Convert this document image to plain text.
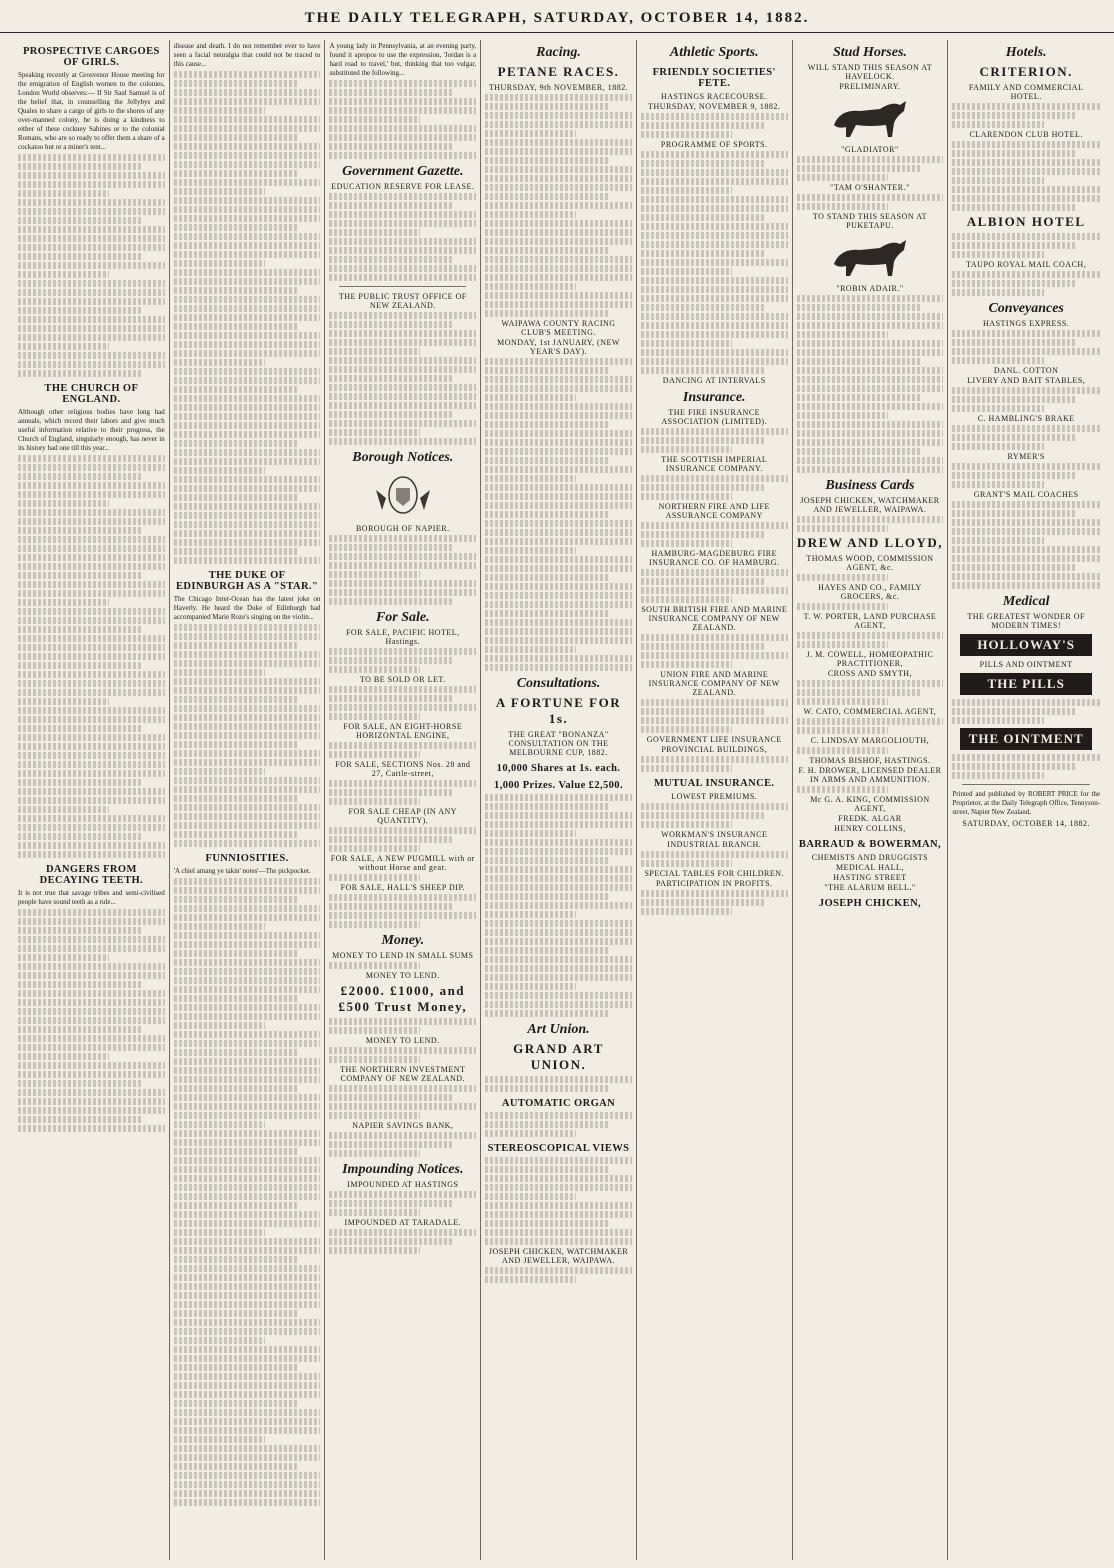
THE DAILY TELEGRAPH, SATURDAY, OCTOBER 14, 1882.
PROSPECTIVE CARGOES OF GIRLS.
Speaking recently at Grosvenor House meeting for the emigration of English women to the colonies, London World observes:— If Sir Saul Samuel is of the belief that, in counselling the Jellybys and Quales to share a cargo of girls to the shores of any over-manned colony, he is doing a kindness to either of these cockney Sabines or to the colonial Romans, who are so ready to offer them a share of a cockatoo hut or a miner's tent...
THE CHURCH OF ENGLAND.
Although other religious bodies have long had annuals, which record their labors and give much useful information relative to their progress, the Church of England, singularly enough, has never in its history had one till this year...
DANGERS FROM DECAYING TEETH.
It is not true that savage tribes and semi-civilised people have sound teeth as a rule...
disease and death. I do not remember ever to have seen a facial neuralgia that could not be traced to this cause...
THE DUKE OF EDINBURGH AS A "STAR."
The Chicago Inter-Ocean has the latest joke on Haverly. He heard the Duke of Edinburgh had accompanied Marie Roze's singing on the violin...
FUNNIOSITIES.
'A chiel amang ye takin' notes'—The pickpocket.
A young lady in Pennsylvania, at an evening party, found it apropos to use the expression, 'Jordan is a hard road to travel,' but, thinking that too vulgar, substituted the following...
Government Gazette.
EDUCATION RESERVE FOR LEASE.
THE PUBLIC TRUST OFFICE OF NEW ZEALAND.
Borough Notices.
BOROUGH OF NAPIER.
For Sale.
FOR SALE, PACIFIC HOTEL, Hastings.
TO BE SOLD OR LET.
FOR SALE, AN EIGHT-HORSE HORIZONTAL ENGINE,
FOR SALE, SECTIONS Nos. 28 and 27, Cattle-street,
FOR SALE CHEAP (IN ANY QUANTITY).
FOR SALE, A NEW PUGMILL with or without Horse and gear.
FOR SALE, HALL'S SHEEP DIP.
Money.
MONEY TO LEND IN SMALL SUMS
MONEY TO LEND.
£2000. £1000, and £500 Trust Money,
MONEY TO LEND.
THE NORTHERN INVESTMENT COMPANY OF NEW ZEALAND.
NAPIER SAVINGS BANK,
Impounding Notices.
IMPOUNDED AT HASTINGS
IMPOUNDED AT TARADALE.
Racing.
PETANE RACES.
THURSDAY, 9th NOVEMBER, 1882.
WAIPAWA COUNTY RACING CLUB'S MEETING.
MONDAY, 1st JANUARY, (NEW YEAR'S DAY).
Consultations.
A FORTUNE FOR 1s.
THE GREAT "BONANZA" CONSULTATION ON THE MELBOURNE CUP, 1882.
10,000 Shares at 1s. each.
1,000 Prizes. Value £2,500.
Art Union.
GRAND ART UNION.
AUTOMATIC ORGAN
STEREOSCOPICAL VIEWS
JOSEPH CHICKEN, WATCHMAKER AND JEWELLER, WAIPAWA.
Athletic Sports.
FRIENDLY SOCIETIES' FETE.
HASTINGS RACECOURSE.
THURSDAY, NOVEMBER 9, 1882.
PROGRAMME OF SPORTS.
DANCING AT INTERVALS
Insurance.
THE FIRE INSURANCE ASSOCIATION (LIMITED).
THE SCOTTISH IMPERIAL INSURANCE COMPANY.
NORTHERN FIRE AND LIFE ASSURANCE COMPANY
HAMBURG-MAGDEBURG FIRE INSURANCE CO. OF HAMBURG.
SOUTH BRITISH FIRE AND MARINE INSURANCE COMPANY OF NEW ZEALAND.
UNION FIRE AND MARINE INSURANCE COMPANY OF NEW ZEALAND.
GOVERNMENT LIFE INSURANCE
PROVINCIAL BUILDINGS,
MUTUAL INSURANCE.
LOWEST PREMIUMS.
WORKMAN'S INSURANCE
INDUSTRIAL BRANCH.
SPECIAL TABLES FOR CHILDREN.
PARTICIPATION IN PROFITS.
Stud Horses.
WILL STAND THIS SEASON AT HAVELOCK.
PRELIMINARY.
"GLADIATOR"
"TAM O'SHANTER."
TO STAND THIS SEASON AT PUKETAPU.
"ROBIN ADAIR."
Business Cards
JOSEPH CHICKEN, WATCHMAKER AND JEWELLER, WAIPAWA.
DREW AND LLOYD,
THOMAS WOOD, COMMISSION AGENT, &c.
HAYES AND CO., FAMILY GROCERS, &c.
T. W. PORTER, LAND PURCHASE AGENT,
J. M. COWELL, HOMŒOPATHIC PRACTITIONER,
CROSS AND SMYTH,
W. CATO, COMMERCIAL AGENT,
C. LINDSAY MARGOLIOUTH,
THOMAS BISHOF, HASTINGS.
F. H. DROWER, LICENSED DEALER IN ARMS AND AMMUNITION.
Mc G. A. KING, COMMISSION AGENT,
FREDK. ALGAR
HENRY COLLINS,
BARRAUD & BOWERMAN,
CHEMISTS AND DRUGGISTS
MEDICAL HALL,
HASTING STREET
"THE ALARUM BELL."
JOSEPH CHICKEN,
Hotels.
CRITERION.
FAMILY AND COMMERCIAL HOTEL.
CLARENDON CLUB HOTEL.
ALBION HOTEL
TAUPO ROYAL MAIL COACH,
Conveyances
HASTINGS EXPRESS.
DANL. COTTON
LIVERY AND BAIT STABLES,
C. HAMBLING'S BRAKE
RYMER'S
GRANT'S MAIL COACHES
Medical
THE GREATEST WONDER OF MODERN TIMES!
HOLLOWAY'S
PILLS AND OINTMENT
THE PILLS
THE OINTMENT
Printed and published by ROBERT PRICE for the Proprietor, at the Daily Telegraph Office, Tennyson-street, Napier New Zealand,
SATURDAY, OCTOBER 14, 1882.
